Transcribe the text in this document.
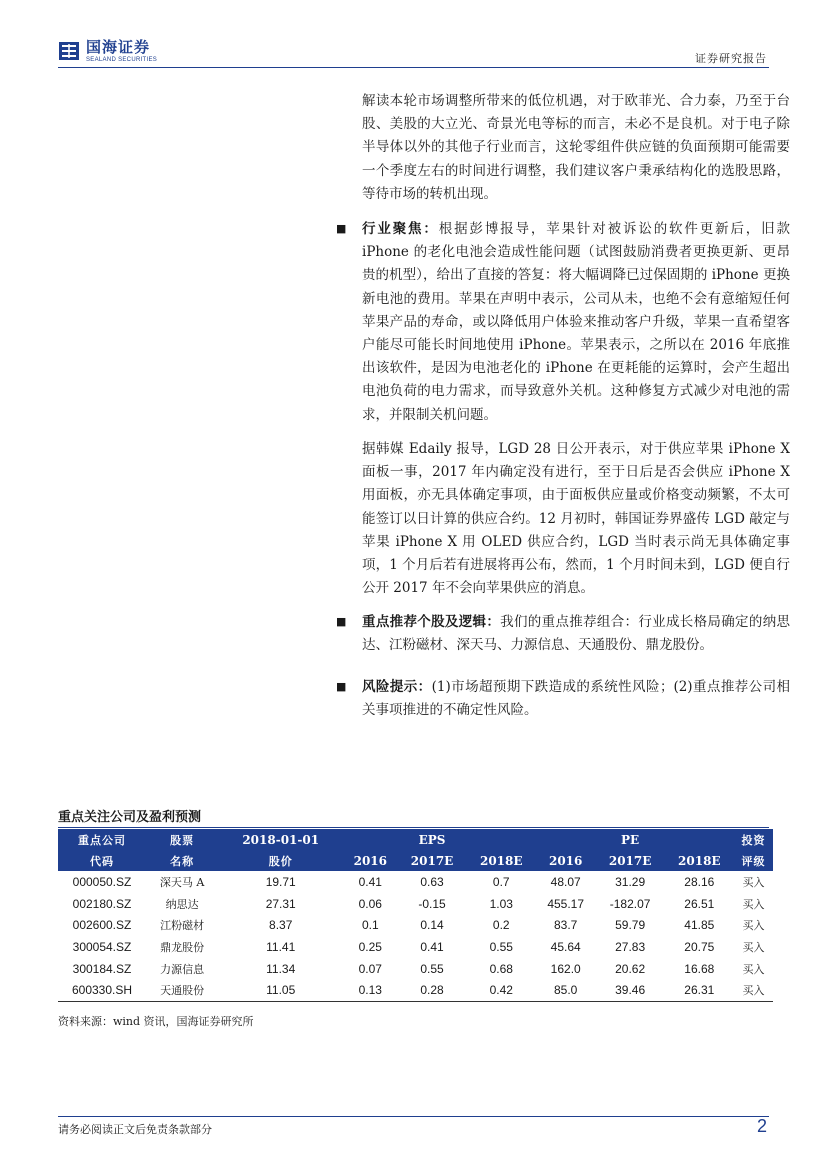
国海证券
SEALAND SECURITIES	证券研究报告

解读本轮市场调整所带来的低位机遇，对于欧菲光、合力泰，乃至于台股、美股的大立光、奇景光电等标的而言，未必不是良机。对于电子除半导体以外的其他子行业而言，这轮零组件供应链的负面预期可能需要一个季度左右的时间进行调整，我们建议客户秉承结构化的选股思路，等待市场的转机出现。

■ 行业聚焦：根据彭博报导，苹果针对被诉讼的软件更新后，旧款 iPhone 的老化电池会造成性能问题（试图鼓励消费者更换更新、更昂贵的机型），给出了直接的答复：将大幅调降已过保固期的 iPhone 更换新电池的费用。苹果在声明中表示，公司从未，也绝不会有意缩短任何苹果产品的寿命，或以降低用户体验来推动客户升级，苹果一直希望客户能尽可能长时间地使用 iPhone。苹果表示，之所以在 2016 年底推出该软件，是因为电池老化的 iPhone 在更耗能的运算时，会产生超出电池负荷的电力需求，而导致意外关机。这种修复方式减少对电池的需求，并限制关机问题。

据韩媒 Edaily 报导，LGD 28 日公开表示，对于供应苹果 iPhone X 面板一事，2017 年内确定没有进行，至于日后是否会供应 iPhone X 用面板，亦无具体确定事项，由于面板供应量或价格变动频繁，不太可能签订以日计算的供应合约。12 月初时，韩国证券界盛传 LGD 敲定与苹果 iPhone X 用 OLED 供应合约，LGD 当时表示尚无具体确定事项，1 个月后若有进展将再公布，然而，1 个月时间未到，LGD 便自行公开 2017 年不会向苹果供应的消息。

■ 重点推荐个股及逻辑：我们的重点推荐组合：行业成长格局确定的纳思达、江粉磁材、深天马、力源信息、天通股份、鼎龙股份。

■ 风险提示：(1)市场超预期下跌造成的系统性风险；(2)重点推荐公司相关事项推进的不确定性风险。

重点关注公司及盈利预测
重点公司	股票	2018-01-01		EPS			PE		投资
代码	名称	股价	2016	2017E	2018E	2016	2017E	2018E	评级
000050.SZ	深天马 A	19.71	0.41	0.63	0.7	48.07	31.29	28.16	买入
002180.SZ	纳思达	27.31	0.06	-0.15	1.03	455.17	-182.07	26.51	买入
002600.SZ	江粉磁材	8.37	0.1	0.14	0.2	83.7	59.79	41.85	买入
300054.SZ	鼎龙股份	11.41	0.25	0.41	0.55	45.64	27.83	20.75	买入
300184.SZ	力源信息	11.34	0.07	0.55	0.68	162.0	20.62	16.68	买入
600330.SH	天通股份	11.05	0.13	0.28	0.42	85.0	39.46	26.31	买入
资料来源：wind 资讯，国海证券研究所
请务必阅读正文后免责条款部分	2
